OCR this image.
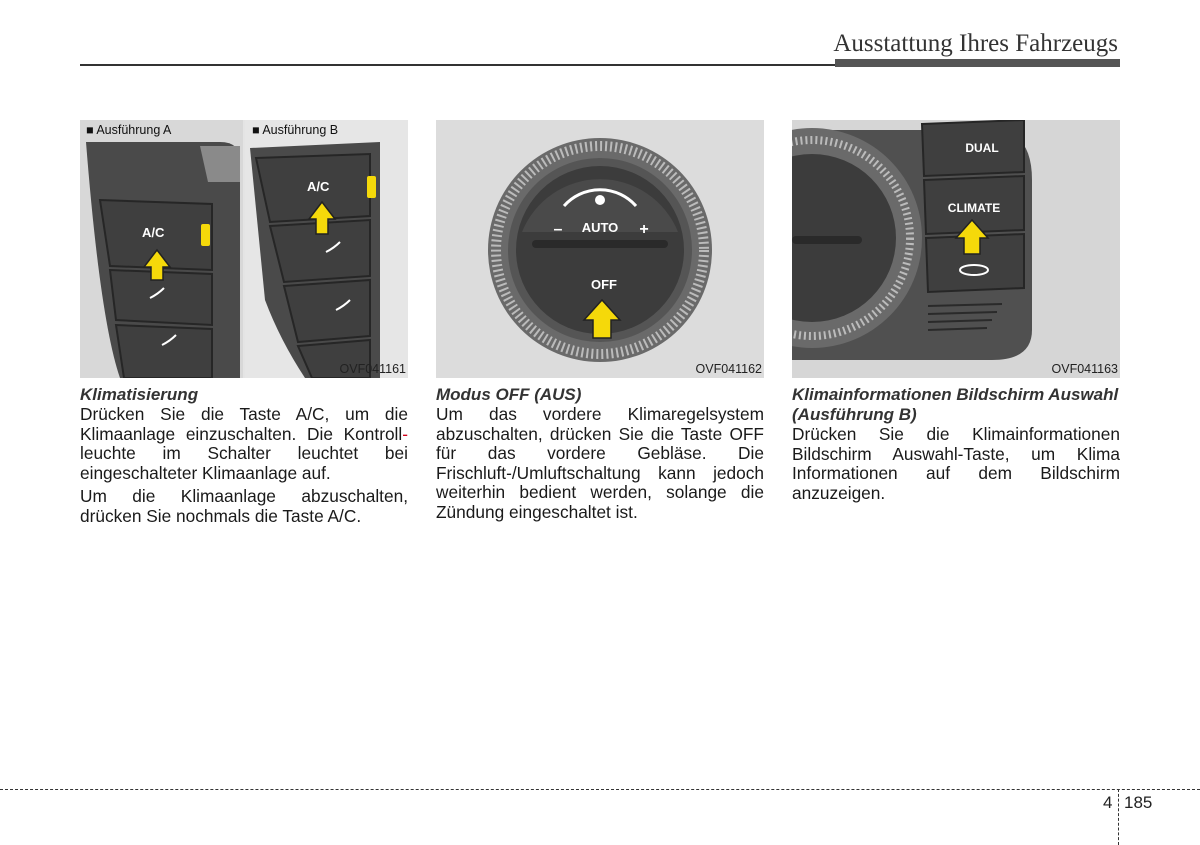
Ausstattung Ihres Fahrzeugs
A/C
A/C
■ Ausführung A	■ Ausführung B
OVF041161
Klimatisierung

Drücken Sie die Taste A/C, um die Klimaanlage einzuschalten. Die Kontroll- leuchte im Schalter leuchtet bei eingeschalteter Klimaanlage auf.

Um die Klimaanlage abzuschalten, drücken Sie nochmals die Taste A/C.

AUTO
–	+
OFF
OVF041162
Modus OFF (AUS)

Um das vordere Klimaregelsystem abzuschalten, drücken Sie die Taste OFF für das vordere Gebläse. Die Frischluft-/Umluftschaltung kann jedoch weiterhin bedient werden, solange die Zündung eingeschaltet ist.

DUAL
CLIMATE
OVF041163
Klimainformationen Bildschirm Auswahl (Ausführung B)

Drücken Sie die Klimainformationen Bildschirm Auswahl-Taste, um Klima Informationen auf dem Bildschirm anzuzeigen.

4 185
